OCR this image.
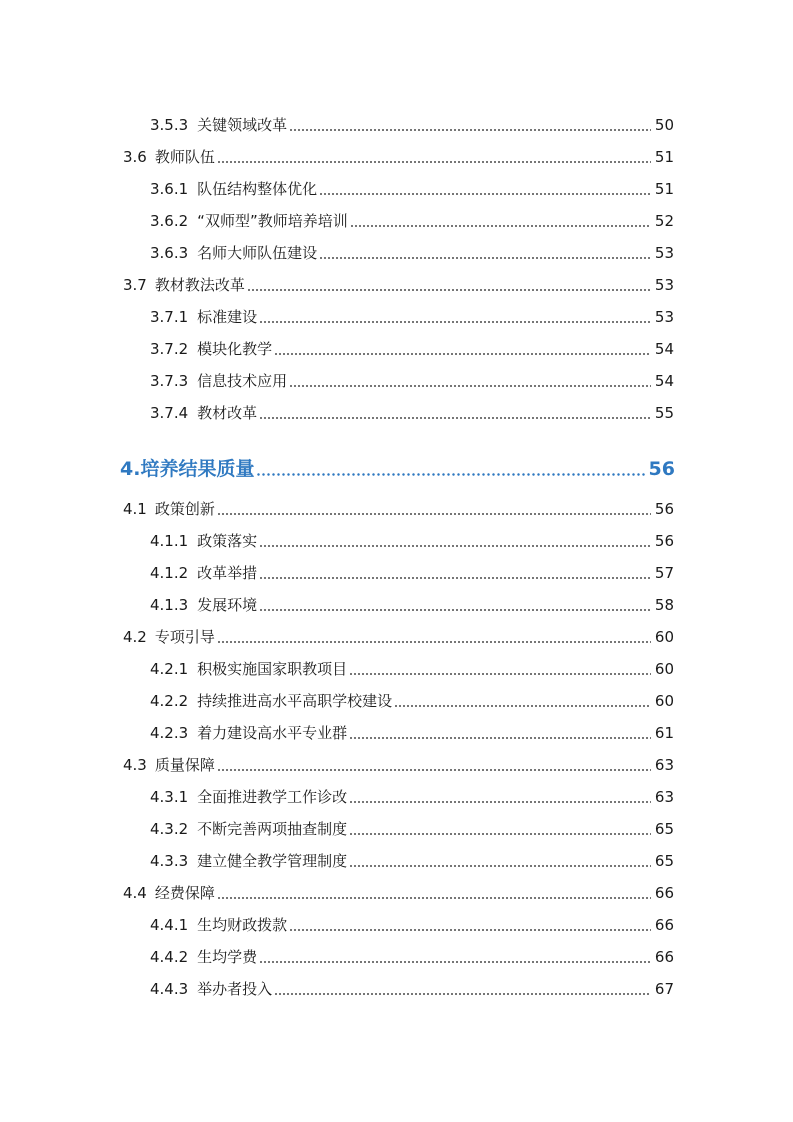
3.5.3 关键领域改革	50
3.6 教师队伍	51
3.6.1 队伍结构整体优化	51
3.6.2 “双师型”教师培养培训	52
3.6.3 名师大师队伍建设	53
3.7 教材教法改革	53
3.7.1 标准建设	53
3.7.2 模块化教学	54
3.7.3 信息技术应用	54
3.7.4 教材改革	55
4. 培养结果质量	56
4.1 政策创新	56
4.1.1 政策落实	56
4.1.2 改革举措	57
4.1.3 发展环境	58
4.2 专项引导	60
4.2.1 积极实施国家职教项目	60
4.2.2 持续推进高水平高职学校建设	60
4.2.3 着力建设高水平专业群	61
4.3 质量保障	63
4.3.1 全面推进教学工作诊改	63
4.3.2 不断完善两项抽查制度	65
4.3.3 建立健全教学管理制度	65
4.4 经费保障	66
4.4.1 生均财政拨款	66
4.4.2 生均学费	66
4.4.3 举办者投入	67
